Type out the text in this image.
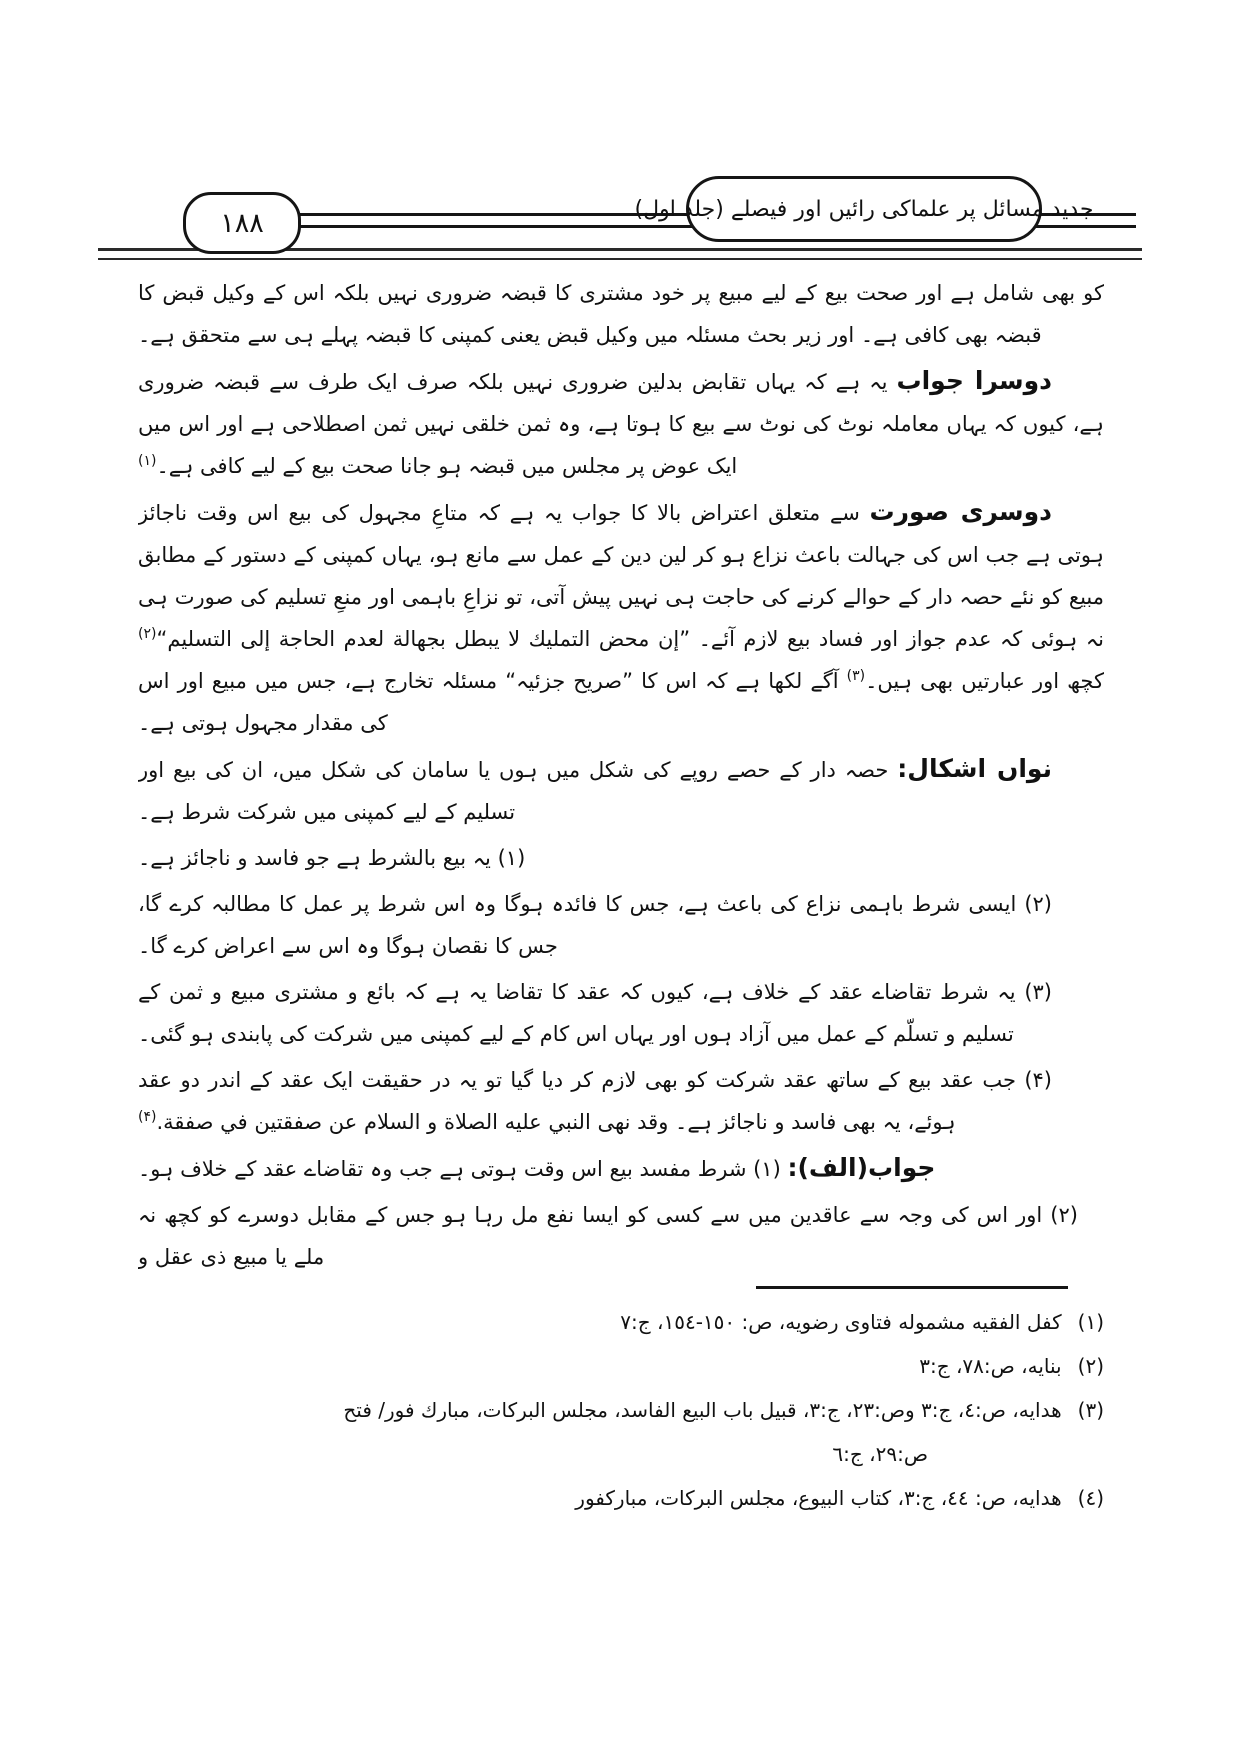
۱۸۸	جدید مسائل پر علماکی رائیں اور فیصلے (جلد اول)

کو بھی شامل ہے اور صحت بیع کے لیے مبیع پر خود مشتری کا قبضہ ضروری نہیں بلکہ اس کے وکیل قبض کا قبضہ بھی کافی ہے۔ اور زیر بحث مسئلہ میں وکیل قبض یعنی کمپنی کا قبضہ پہلے ہی سے متحقق ہے۔

دوسرا جواب یہ ہے کہ یہاں تقابض بدلین ضروری نہیں بلکہ صرف ایک طرف سے قبضہ ضروری ہے، کیوں کہ یہاں معاملہ نوٹ کی نوٹ سے بیع کا ہوتا ہے، وہ ثمن خلقی نہیں ثمن اصطلاحی ہے اور اس میں ایک عوض پر مجلس میں قبضہ ہو جانا صحت بیع کے لیے کافی ہے۔$^{(۱)}$

دوسری صورت سے متعلق اعتراض بالا کا جواب یہ ہے کہ متاعِ مجہول کی بیع اس وقت ناجائز ہوتی ہے جب اس کی جہالت باعث نزاع ہو کر لین دین کے عمل سے مانع ہو، یہاں کمپنی کے دستور کے مطابق مبیع کو نئے حصہ دار کے حوالے کرنے کی حاجت ہی نہیں پیش آتی، تو نزاعِ باہمی اور منعِ تسلیم کی صورت ہی نہ ہوئی کہ عدم جواز اور فساد بیع لازم آئے۔ ”إن محض التمليك لا يبطل بجهالة لعدم الحاجة إلى التسليم“$^{(۲)}$ کچھ اور عبارتیں بھی ہیں۔$^{(۳)}$ آگے لکھا ہے کہ اس کا ”صریح جزئیہ“ مسئلہ تخارج ہے، جس میں مبیع اور اس کی مقدار مجہول ہوتی ہے۔

نواں اشکال: حصہ دار کے حصے روپے کی شکل میں ہوں یا سامان کی شکل میں، ان کی بیع اور تسلیم کے لیے کمپنی میں شرکت شرط ہے۔

(۱) یہ بیع بالشرط ہے جو فاسد و ناجائز ہے۔

(۲) ایسی شرط باہمی نزاع کی باعث ہے، جس کا فائدہ ہوگا وہ اس شرط پر عمل کا مطالبہ کرے گا، جس کا نقصان ہوگا وہ اس سے اعراض کرے گا۔

(۳) یہ شرط تقاضاے عقد کے خلاف ہے، کیوں کہ عقد کا تقاضا یہ ہے کہ بائع و مشتری مبیع و ثمن کے تسلیم و تسلّم کے عمل میں آزاد ہوں اور یہاں اس کام کے لیے کمپنی میں شرکت کی پابندی ہو گئی۔

(۴) جب عقد بیع کے ساتھ عقد شرکت کو بھی لازم کر دیا گیا تو یہ در حقیقت ایک عقد کے اندر دو عقد ہوئے، یہ بھی فاسد و ناجائز ہے۔ وقد نهى النبي عليه الصلاة و السلام عن صفقتين في صفقة.$^{(۴)}$

جواب(الف): (۱) شرط مفسد بیع اس وقت ہوتی ہے جب وہ تقاضاے عقد کے خلاف ہو۔

(۲) اور اس کی وجہ سے عاقدین میں سے کسی کو ایسا نفع مل رہا ہو جس کے مقابل دوسرے کو کچھ نہ ملے یا مبیع ذی عقل و

(١)
كفل الفقيه مشموله فتاوى رضويه، ص: ١٥٠-١٥٤، ج:٧
(٢)
بنايه، ص:٧٨، ج:٣
(٣)
هدايه، ص:٤، ج:٣ وص:٢٣، ج:٣، قبيل باب البيع الفاسد، مجلس البركات، مبارك فور/ فتح
ص:٢٩، ج:٦
(٤)
هدايه، ص: ٤٤، ج:٣، كتاب البيوع، مجلس البركات، مباركفور
